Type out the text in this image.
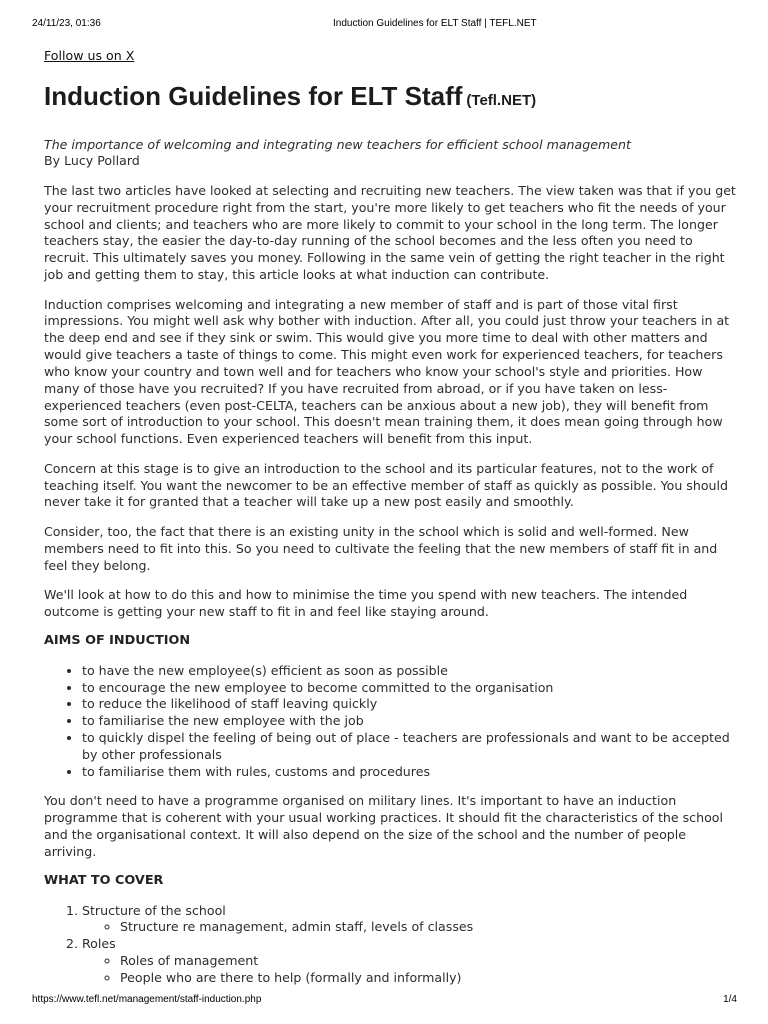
24/11/23, 01:36	Induction Guidelines for ELT Staff | TEFL.NET
Follow us on X
Induction Guidelines for ELT Staff (Tefl.NET)
The importance of welcoming and integrating new teachers for efficient school management
By Lucy Pollard

The last two articles have looked at selecting and recruiting new teachers. The view taken was that if you get
your recruitment procedure right from the start, you're more likely to get teachers who fit the needs of your
school and clients; and teachers who are more likely to commit to your school in the long term. The longer
teachers stay, the easier the day-to-day running of the school becomes and the less often you need to
recruit. This ultimately saves you money. Following in the same vein of getting the right teacher in the right
job and getting them to stay, this article looks at what induction can contribute.

Induction comprises welcoming and integrating a new member of staff and is part of those vital first
impressions. You might well ask why bother with induction. After all, you could just throw your teachers in at
the deep end and see if they sink or swim. This would give you more time to deal with other matters and
would give teachers a taste of things to come. This might even work for experienced teachers, for teachers
who know your country and town well and for teachers who know your school's style and priorities. How
many of those have you recruited? If you have recruited from abroad, or if you have taken on less-
experienced teachers (even post-CELTA, teachers can be anxious about a new job), they will benefit from
some sort of introduction to your school. This doesn't mean training them, it does mean going through how
your school functions. Even experienced teachers will benefit from this input.

Concern at this stage is to give an introduction to the school and its particular features, not to the work of
teaching itself. You want the newcomer to be an effective member of staff as quickly as possible. You should
never take it for granted that a teacher will take up a new post easily and smoothly.

Consider, too, the fact that there is an existing unity in the school which is solid and well-formed. New
members need to fit into this. So you need to cultivate the feeling that the new members of staff fit in and
feel they belong.

We'll look at how to do this and how to minimise the time you spend with new teachers. The intended
outcome is getting your new staff to fit in and feel like staying around.

AIMS OF INDUCTION
• to have the new employee(s) efficient as soon as possible
• to encourage the new employee to become committed to the organisation
• to reduce the likelihood of staff leaving quickly
• to familiarise the new employee with the job
• to quickly dispel the feeling of being out of place - teachers are professionals and want to be accepted
by other professionals
• to familiarise them with rules, customs and procedures

You don't need to have a programme organised on military lines. It's important to have an induction
programme that is coherent with your usual working practices. It should fit the characteristics of the school
and the organisational context. It will also depend on the size of the school and the number of people
arriving.

WHAT TO COVER
1. Structure of the school
◦ Structure re management, admin staff, levels of classes
2. Roles
◦ Roles of management
◦ People who are there to help (formally and informally)
https://www.tefl.net/management/staff-induction.php	1/4
